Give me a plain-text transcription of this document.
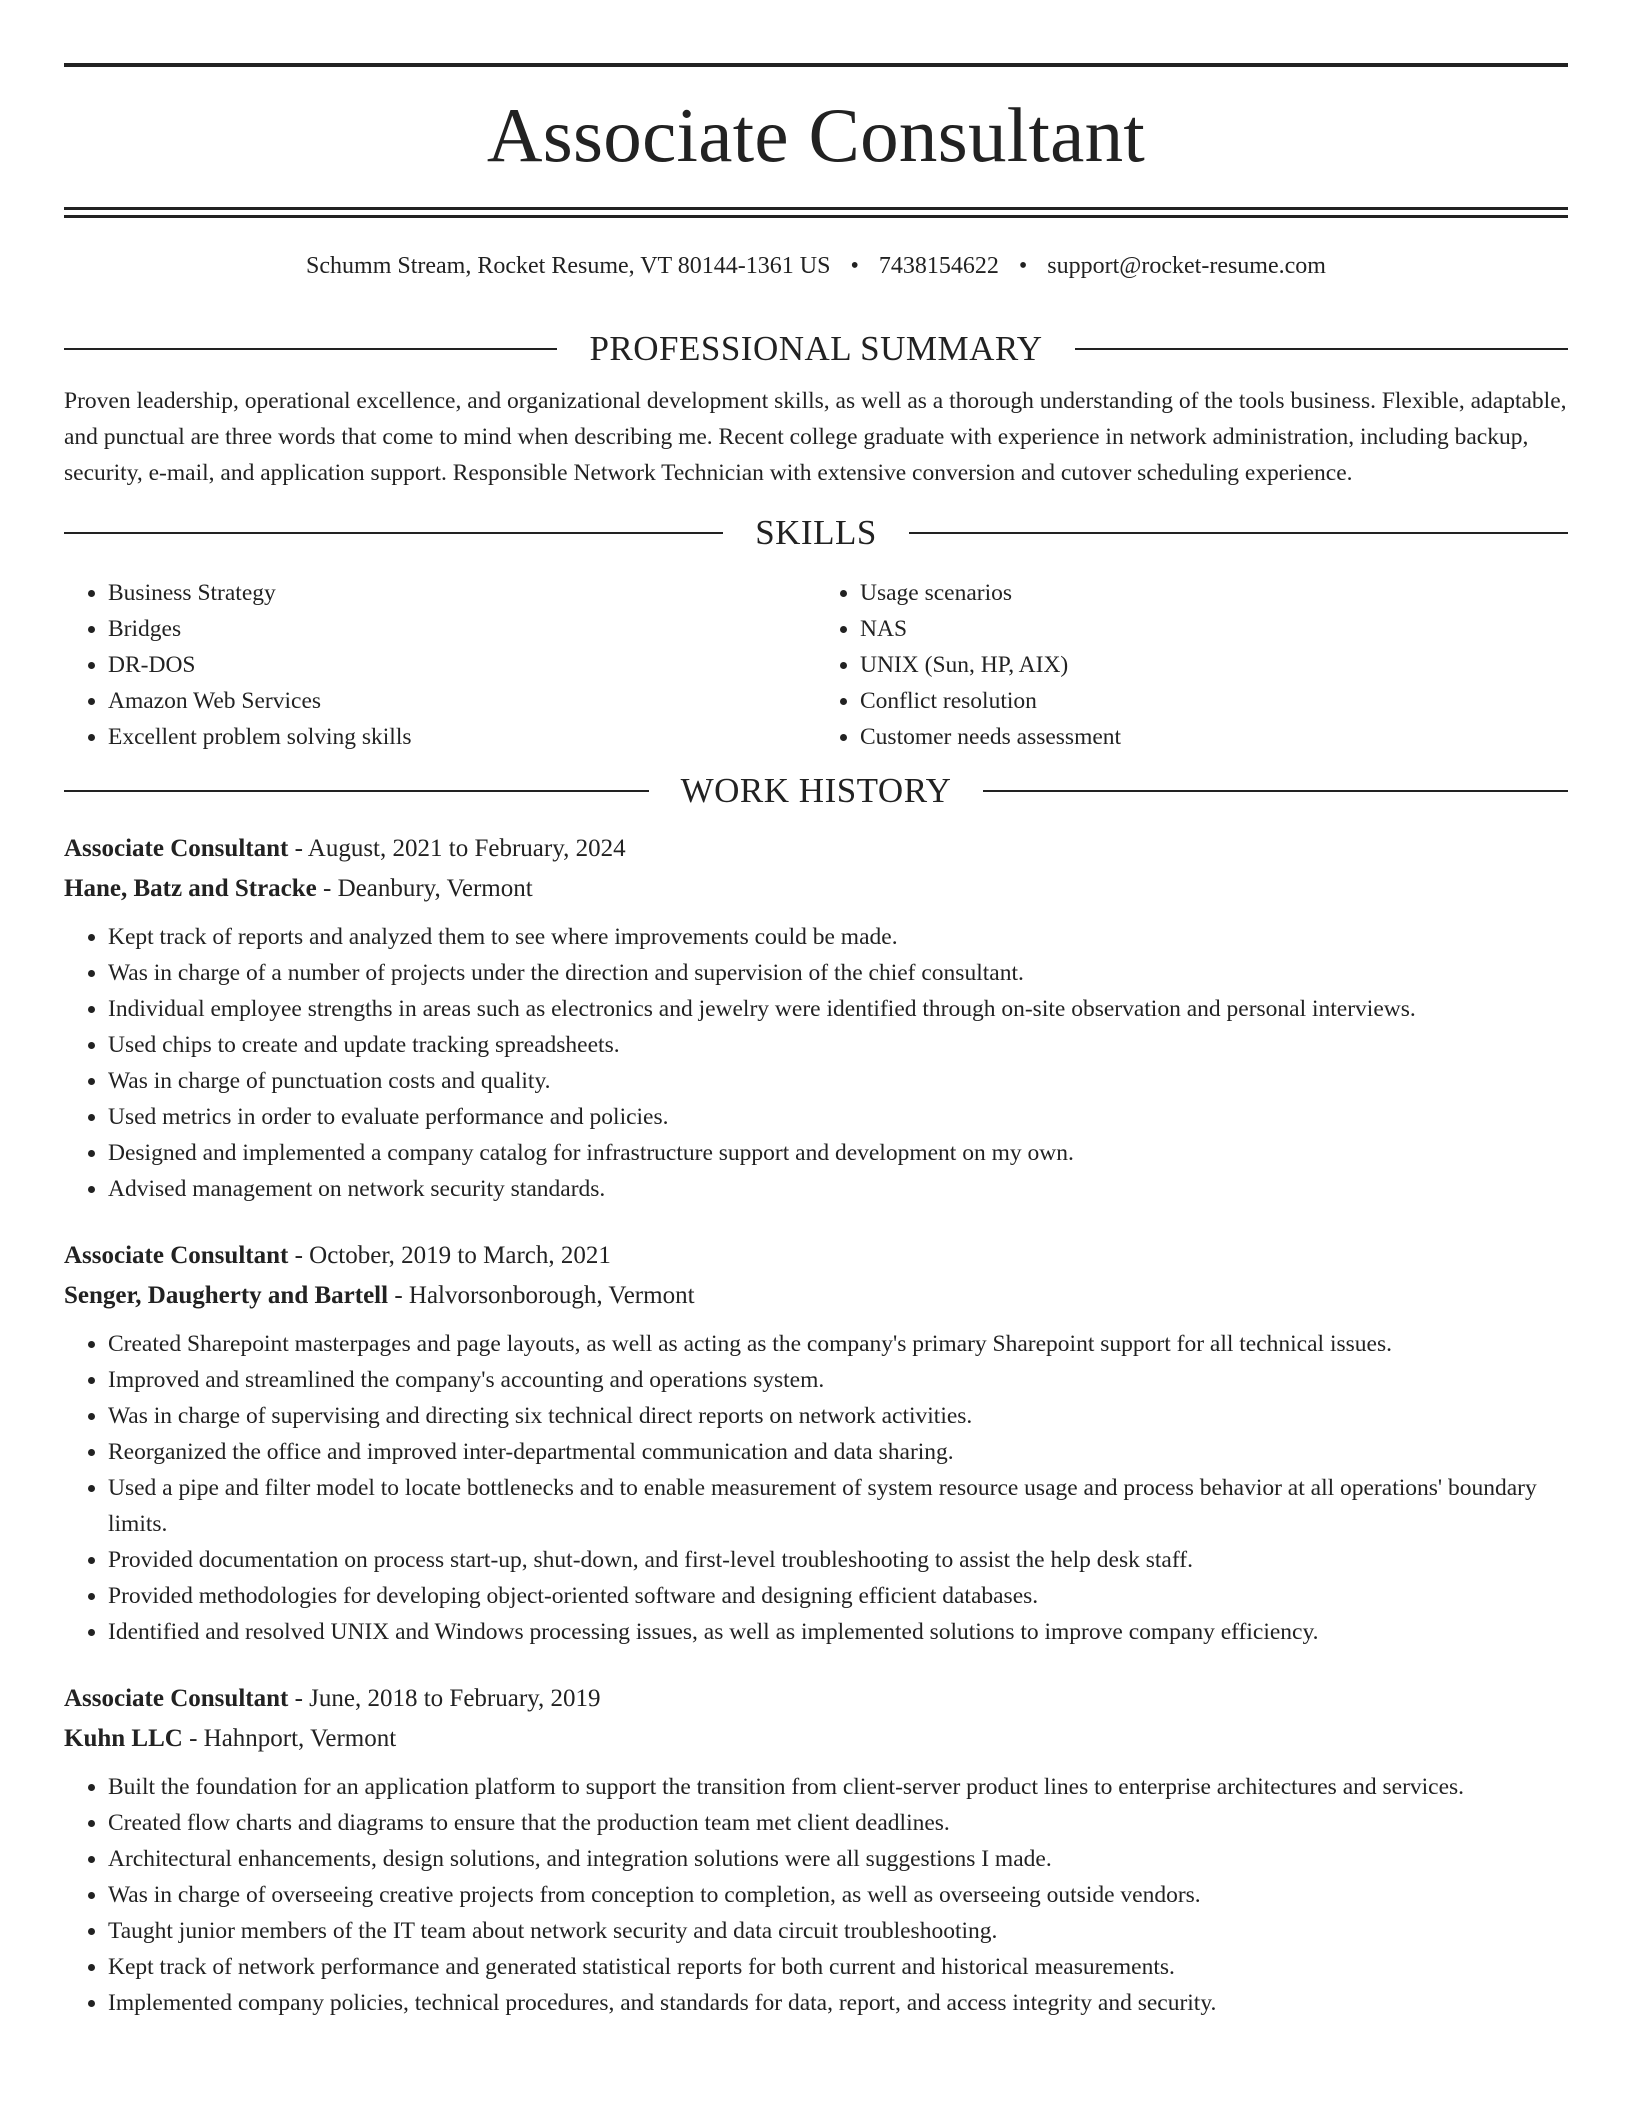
Associate Consultant
Schumm Stream, Rocket Resume, VT 80144-1361 US • 7438154622 • support@rocket-resume.com
PROFESSIONAL SUMMARY

Proven leadership, operational excellence, and organizational development skills, as well as a thorough understanding of the tools business. Flexible, adaptable, and punctual are three words that come to mind when describing me. Recent college graduate with experience in network administration, including backup, security, e-mail, and application support. Responsible Network Technician with extensive conversion and cutover scheduling experience.

SKILLS
• Business Strategy
• Bridges
• DR-DOS
• Amazon Web Services
• Excellent problem solving skills
• Usage scenarios
• NAS
• UNIX (Sun, HP, AIX)
• Conflict resolution
• Customer needs assessment
WORK HISTORY
Associate Consultant - August, 2021 to February, 2024
Hane, Batz and Stracke - Deanbury, Vermont
• Kept track of reports and analyzed them to see where improvements could be made.
• Was in charge of a number of projects under the direction and supervision of the chief consultant.
• Individual employee strengths in areas such as electronics and jewelry were identified through on-site observation and personal interviews.
• Used chips to create and update tracking spreadsheets.
• Was in charge of punctuation costs and quality.
• Used metrics in order to evaluate performance and policies.
• Designed and implemented a company catalog for infrastructure support and development on my own.
• Advised management on network security standards.
Associate Consultant - October, 2019 to March, 2021
Senger, Daugherty and Bartell - Halvorsonborough, Vermont
• Created Sharepoint masterpages and page layouts, as well as acting as the company's primary Sharepoint support for all technical issues.
• Improved and streamlined the company's accounting and operations system.
• Was in charge of supervising and directing six technical direct reports on network activities.
• Reorganized the office and improved inter-departmental communication and data sharing.
• Used a pipe and filter model to locate bottlenecks and to enable measurement of system resource usage and process behavior at all operations' boundary limits.
• Provided documentation on process start-up, shut-down, and first-level troubleshooting to assist the help desk staff.
• Provided methodologies for developing object-oriented software and designing efficient databases.
• Identified and resolved UNIX and Windows processing issues, as well as implemented solutions to improve company efficiency.
Associate Consultant - June, 2018 to February, 2019
Kuhn LLC - Hahnport, Vermont
• Built the foundation for an application platform to support the transition from client-server product lines to enterprise architectures and services.
• Created flow charts and diagrams to ensure that the production team met client deadlines.
• Architectural enhancements, design solutions, and integration solutions were all suggestions I made.
• Was in charge of overseeing creative projects from conception to completion, as well as overseeing outside vendors.
• Taught junior members of the IT team about network security and data circuit troubleshooting.
• Kept track of network performance and generated statistical reports for both current and historical measurements.
• Implemented company policies, technical procedures, and standards for data, report, and access integrity and security.
